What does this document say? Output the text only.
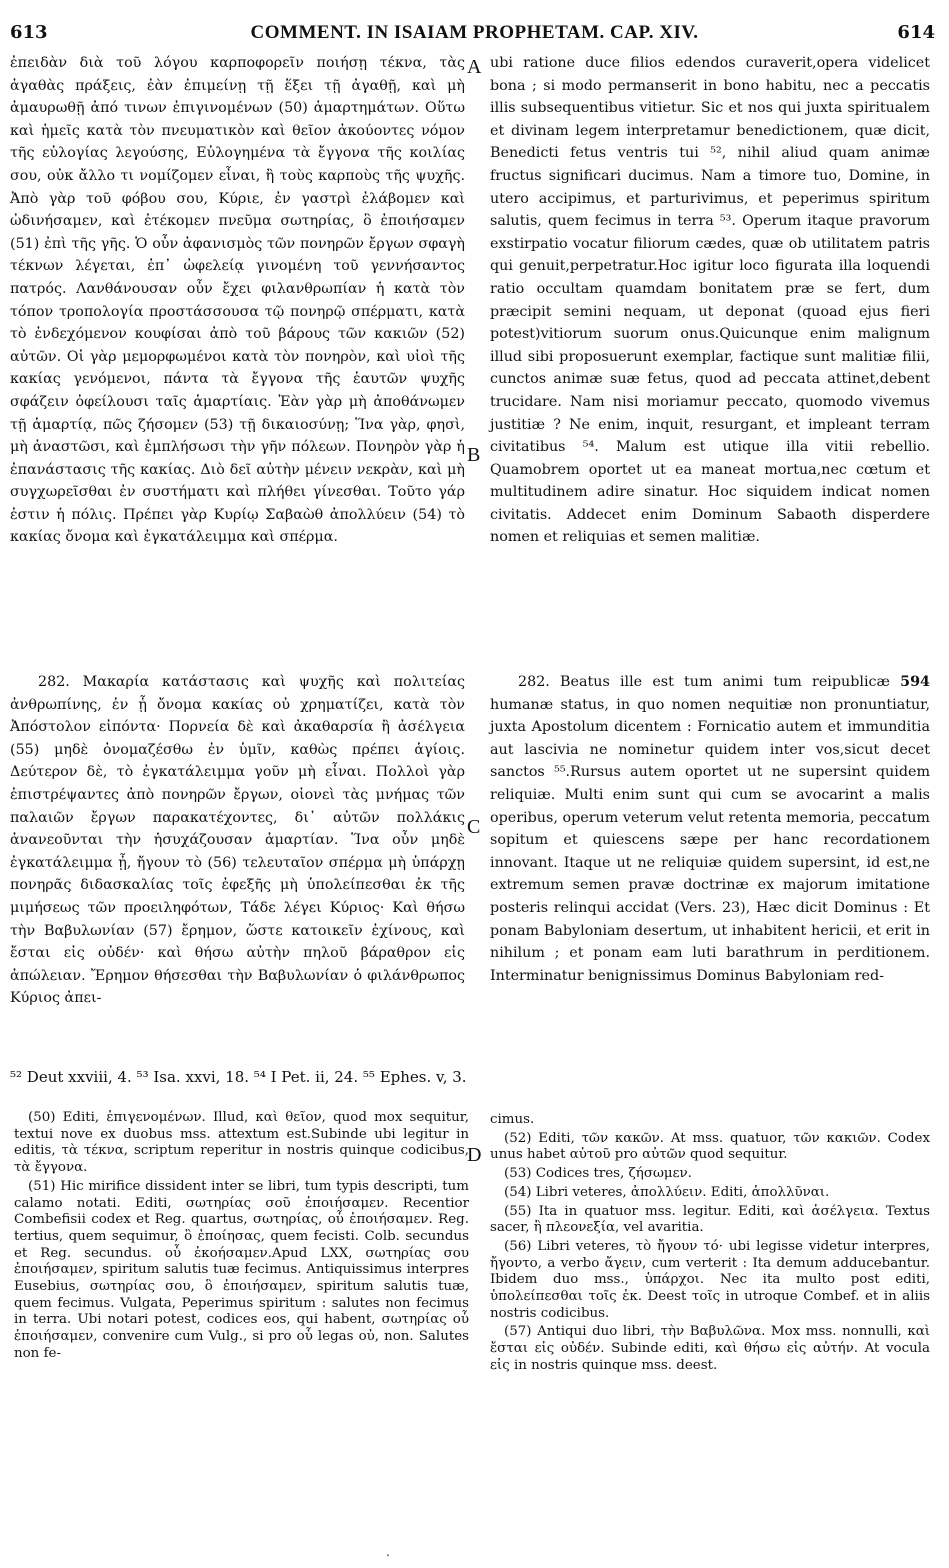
613	COMMENT. IN ISAIAM PROPHETAM. CAP. XIV.	614

ἐπειδὰν διὰ τοῦ λόγου καρποφορεῖν ποιήσῃ τέκνα, τὰς ἀγαθὰς πράξεις, ἐὰν ἐπιμείνῃ τῇ ἕξει τῇ ἀγαθῇ, καὶ μὴ ἀμαυρωθῇ ἀπό τινων ἐπιγινομένων (50) ἁμαρτημάτων. Οὕτω καὶ ἡμεῖς κατὰ τὸν πνευματικὸν καὶ θεῖον ἀκούοντες νόμον τῆς εὐλογίας λεγούσης, Εὐλογημένα τὰ ἔγγονα τῆς κοιλίας σου, οὐκ ἄλλο τι νομίζομεν εἶναι, ἢ τοὺς καρποὺς τῆς ψυχῆς. Ἀπὸ γὰρ τοῦ φόβου σου, Κύριε, ἐν γαστρὶ ἐλάβομεν καὶ ὠδινήσαμεν, καὶ ἐτέκομεν πνεῦμα σωτηρίας, ὃ ἐποιήσαμεν (51) ἐπὶ τῆς γῆς. Ὁ οὖν ἀφανισμὸς τῶν πονηρῶν ἔργων σφαγὴ τέκνων λέγεται, ἐπ᾽ ὠφελείᾳ γινομένη τοῦ γεννήσαντος πατρός. Λανθάνουσαν οὖν ἔχει φιλανθρωπίαν ἡ κατὰ τὸν τόπον τροπολογία προστάσσουσα τῷ πονηρῷ σπέρματι, κατὰ τὸ ἐνδεχόμενον κουφίσαι ἀπὸ τοῦ βάρους τῶν κακιῶν (52) αὐτῶν. Οἱ γὰρ μεμορφωμένοι κατὰ τὸν πονηρὸν, καὶ υἱοὶ τῆς κακίας γενόμενοι, πάντα τὰ ἔγγονα τῆς ἑαυτῶν ψυχῆς σφάζειν ὀφείλουσι ταῖς ἁμαρτίαις. Ἐὰν γὰρ μὴ ἀποθάνωμεν τῇ ἁμαρτίᾳ, πῶς ζήσομεν (53) τῇ δικαιοσύνῃ; Ἵνα γὰρ, φησὶ, μὴ ἀναστῶσι, καὶ ἐμπλήσωσι τὴν γῆν πόλεων. Πονηρὸν γὰρ ἡ ἐπανάστασις τῆς κακίας. Διὸ δεῖ αὐτὴν μένειν νεκρὰν, καὶ μὴ συγχωρεῖσθαι ἐν συστήματι καὶ πλήθει γίνεσθαι. Τοῦτο γάρ ἐστιν ἡ πόλις. Πρέπει γὰρ Κυρίῳ Σαβαὼθ ἀπολλύειν (54) τὸ κακίας ὄνομα καὶ ἐγκατάλειμμα καὶ σπέρμα.

ubi ratione duce filios edendos curaverit,opera videlicet bona ; si modo permanserit in bono habitu, nec a peccatis illis subsequentibus vitietur. Sic et nos qui juxta spiritualem et divinam legem interpretamur benedictionem, quæ dicit, Benedicti fetus ventris tui ⁵², nihil aliud quam animæ fructus significari ducimus. Nam a timore tuo, Domine, in utero accipimus, et parturivimus, et peperimus spiritum salutis, quem fecimus in terra ⁵³. Operum itaque pravorum exstirpatio vocatur filiorum cædes, quæ ob utilitatem patris qui genuit,perpetratur.Hoc igitur loco figurata illa loquendi ratio occultam quamdam bonitatem præ se fert, dum præcipit semini nequam, ut deponat (quoad ejus fieri potest)vitiorum suorum onus.Quicunque enim malignum illud sibi proposuerunt exemplar, factique sunt malitiæ filii, cunctos animæ suæ fetus, quod ad peccata attinet,debent trucidare. Nam nisi moriamur peccato, quomodo vivemus justitiæ ? Ne enim, inquit, resurgant, et impleant terram civitatibus ⁵⁴. Malum est utique illa vitii rebellio. Quamobrem oportet ut ea maneat mortua,nec cœtum et multitudinem adire sinatur. Hoc siquidem indicat nomen civitatis. Addecet enim Dominum Sabaoth disperdere nomen et reliquias et semen malitiæ.

282. Μακαρία κατάστασις καὶ ψυχῆς καὶ πολιτείας ἀνθρωπίνης, ἐν ᾗ ὄνομα κακίας οὐ χρηματίζει, κατὰ τὸν Ἀπόστολον εἰπόντα· Πορνεία δὲ καὶ ἀκαθαρσία ἢ ἀσέλγεια (55) μηδὲ ὀνομαζέσθω ἐν ὑμῖν, καθὼς πρέπει ἁγίοις. Δεύτερον δὲ, τὸ ἐγκατάλειμμα γοῦν μὴ εἶναι. Πολλοὶ γὰρ ἐπιστρέψαντες ἀπὸ πονηρῶν ἔργων, οἱονεὶ τὰς μνήμας τῶν παλαιῶν ἔργων παρακατέχοντες, δι᾽ αὐτῶν πολλάκις ἀνανεοῦνται τὴν ἡσυχάζουσαν ἁμαρτίαν. Ἵνα οὖν μηδὲ ἐγκατάλειμμα ᾖ, ἤγουν τὸ (56) τελευταῖον σπέρμα μὴ ὑπάρχῃ πονηρᾶς διδασκαλίας τοῖς ἐφεξῆς μὴ ὑπολείπεσθαι ἐκ τῆς μιμήσεως τῶν προειληφότων, Τάδε λέγει Κύριος· Καὶ θήσω τὴν Βαβυλωνίαν (57) ἔρημον, ὥστε κατοικεῖν ἐχίνους, καὶ ἔσται εἰς οὐδέν· καὶ θήσω αὐτὴν πηλοῦ βάραθρον εἰς ἀπώλειαν. Ἔρημον θήσεσθαι τὴν Βαβυλωνίαν ὁ φιλάνθρωπος Κύριος ἀπει-

282. Beatus ille est tum animi tum reipublicæ 594 humanæ status, in quo nomen nequitiæ non pronuntiatur, juxta Apostolum dicentem : Fornicatio autem et immunditia aut lascivia ne nominetur quidem inter vos,sicut decet sanctos ⁵⁵.Rursus autem oportet ut ne supersint quidem reliquiæ. Multi enim sunt qui cum se avocarint a malis operibus, operum veterum velut retenta memoria, peccatum sopitum et quiescens sæpe per hanc recordationem innovant. Itaque ut ne reliquiæ quidem supersint, id est,ne extremum semen pravæ doctrinæ ex majorum imitatione posteris relinqui accidat (Vers. 23), Hæc dicit Dominus : Et ponam Babyloniam desertum, ut inhabitent hericii, et erit in nihilum ; et ponam eam luti barathrum in perditionem. Interminatur benignissimus Dominus Babyloniam red-

A
B
C
D
⁵² Deut xxviii, 4. ⁵³ Isa. xxvi, 18. ⁵⁴ I Pet. ii, 24. ⁵⁵ Ephes. v, 3.

(50) Editi, ἐπιγενομένων. Illud, καὶ θεῖον, quod mox sequitur, textui nove ex duobus mss. attextum est.Subinde ubi legitur in editis, τὰ τέκνα, scriptum reperitur in nostris quinque codicibus, τὰ ἔγγονα.

(51) Hic mirifice dissident inter se libri, tum typis descripti, tum calamo notati. Editi, σωτηρίας σοῦ ἐποιήσαμεν. Recentior Combefisii codex et Reg. quartus, σωτηρίας, οὗ ἐποιήσαμεν. Reg. tertius, quem sequimur, ὃ ἐποίησας, quem fecisti. Colb. secundus et Reg. secundus. οὗ ἐκοήσαμεν.Apud LXX, σωτηρίας σου ἐποιήσαμεν, spiritum salutis tuæ fecimus. Antiquissimus interpres Eusebius, σωτηρίας σου, ὃ ἐποιήσαμεν, spiritum salutis tuæ, quem fecimus. Vulgata, Peperimus spiritum : salutes non fecimus in terra. Ubi notari potest, codices eos, qui habent, σωτηρίας οὗ ἐποιήσαμεν, convenire cum Vulg., si pro οὗ legas οὐ, non. Salutes non fe-

cimus.

(52) Editi, τῶν κακῶν. At mss. quatuor, τῶν κακιῶν. Codex unus habet αὐτοῦ pro αὐτῶν quod sequitur.

(53) Codices tres, ζήσωμεν.

(54) Libri veteres, ἀπολλύειν. Editi, ἀπολλῦναι.

(55) Ita in quatuor mss. legitur. Editi, καὶ ἀσέλγεια. Textus sacer, ἢ πλεονεξία, vel avaritia.

(56) Libri veteres, τὸ ἤγουν τό· ubi legisse videtur interpres, ἤγοντο, a verbo ἄγειν, cum verterit : Ita demum adducebantur. Ibidem duo mss., ὑπάρχοι. Nec ita multo post editi, ὑπολείπεσθαι τοῖς ἐκ. Deest τοῖς in utroque Combef. et in aliis nostris codicibus.

(57) Antiqui duo libri, τὴν Βαβυλῶνα. Mox mss. nonnulli, καὶ ἔσται εἰς οὐδέν. Subinde editi, καὶ θήσω εἰς αὐτήν. At vocula εἰς in nostris quinque mss. deest.

.
